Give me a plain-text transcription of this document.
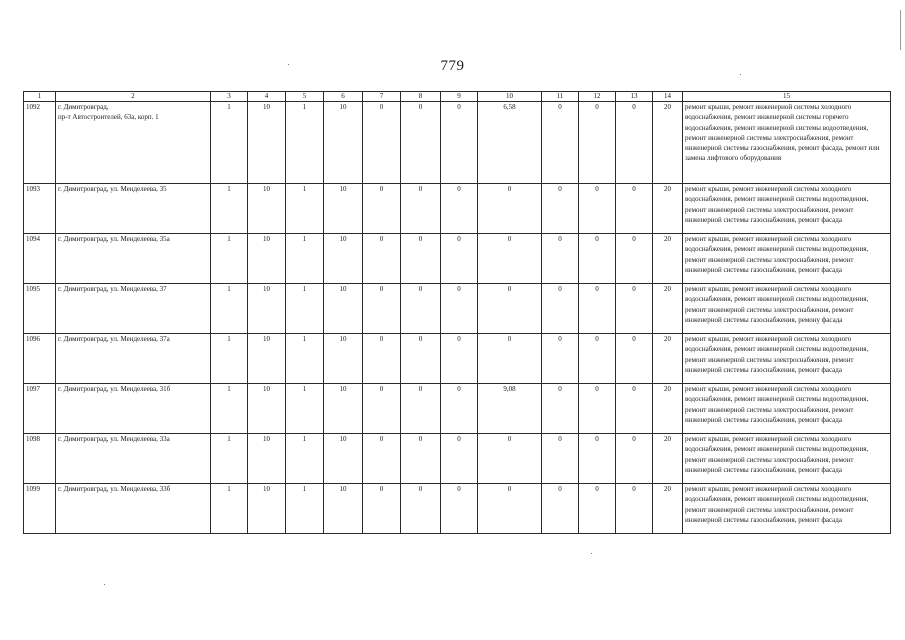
779
1	2	3	4	5	6	7	8	9	10	11	12	13	14	15
1092	г. Димитровград,
пр-т Автостроителей, 63а, корп. 1	1	10	1	10	0	0	0	6,58	0	0	0	20	ремонт крыши, ремонт инженерной системы холодного водоснабжения, ремонт инженерной системы горячего водоснабжения, ремонт инженерной системы водоотведения, ремонт инженерной системы электроснабжения, ремонт инженерной системы газоснабжения, ремонт фасада, ремонт или замена лифтового оборудования
1093	г. Димитровград, ул. Менделеева, 35	1	10	1	10	0	0	0	0	0	0	0	20	ремонт крыши, ремонт инженерной системы холодного водоснабжения, ремонт инженерной системы водоотведения, ремонт инженерной системы электроснабжения, ремонт инженерной системы газоснабжения, ремонт фасада
1094	г. Димитровград, ул. Менделеева, 35а	1	10	1	10	0	0	0	0	0	0	0	20	ремонт крыши, ремонт инженерной системы холодного водоснабжения, ремонт инженерной системы водоотведения, ремонт инженерной системы электроснабжения, ремонт инженерной системы газоснабжения, ремонт фасада
1095	г. Димитровград, ул. Менделеева, 37	1	10	1	10	0	0	0	0	0	0	0	20	ремонт крыши, ремонт инженерной системы холодного водоснабжения, ремонт инженерной системы водоотведения, ремонт инженерной системы электроснабжения, ремонт инженерной системы газоснабжения, ремону фасада
1096	г. Димитровград, ул. Менделеева, 37а	1	10	1	10	0	0	0	0	0	0	0	20	ремонт крыши, ремонт инженерной системы холодного водоснабжения, ремонт инженерной системы водоотведения, ремонт инженерной системы электроснабжения, ремонт инженерной системы газоснабжения, ремонт фасада
1097	г. Димитровград, ул. Менделеева, 31б	1	10	1	10	0	0	0	9,08	0	0	0	20	ремонт крыши, ремонт инженерной системы холодного водоснабжения, ремонт инженерной системы водоотведения, ремонт инженерной системы электроснабжения, ремонт инженерной системы газоснабжения, ремонт фасада
1098	г. Димитровград, ул. Менделеева, 33а	1	10	1	10	0	0	0	0	0	0	0	20	ремонт крыши, ремонт инженерной системы холодного водоснабжения, ремонт инженерной системы водоотведения, ремонт инженерной системы электроснабжения, ремонт инженерной системы газоснабжения, ремонт фасада
1099	г. Димитровград, ул. Менделеева, 33б	1	10	1	10	0	0	0	0	0	0	0	20	ремонт крыши, ремонт инженерной системы холодного водоснабжения, ремонт инженерной системы водоотведения, ремонт инженерной системы электроснабжения, ремонт инженерной системы газоснабжения, ремонт фасада
